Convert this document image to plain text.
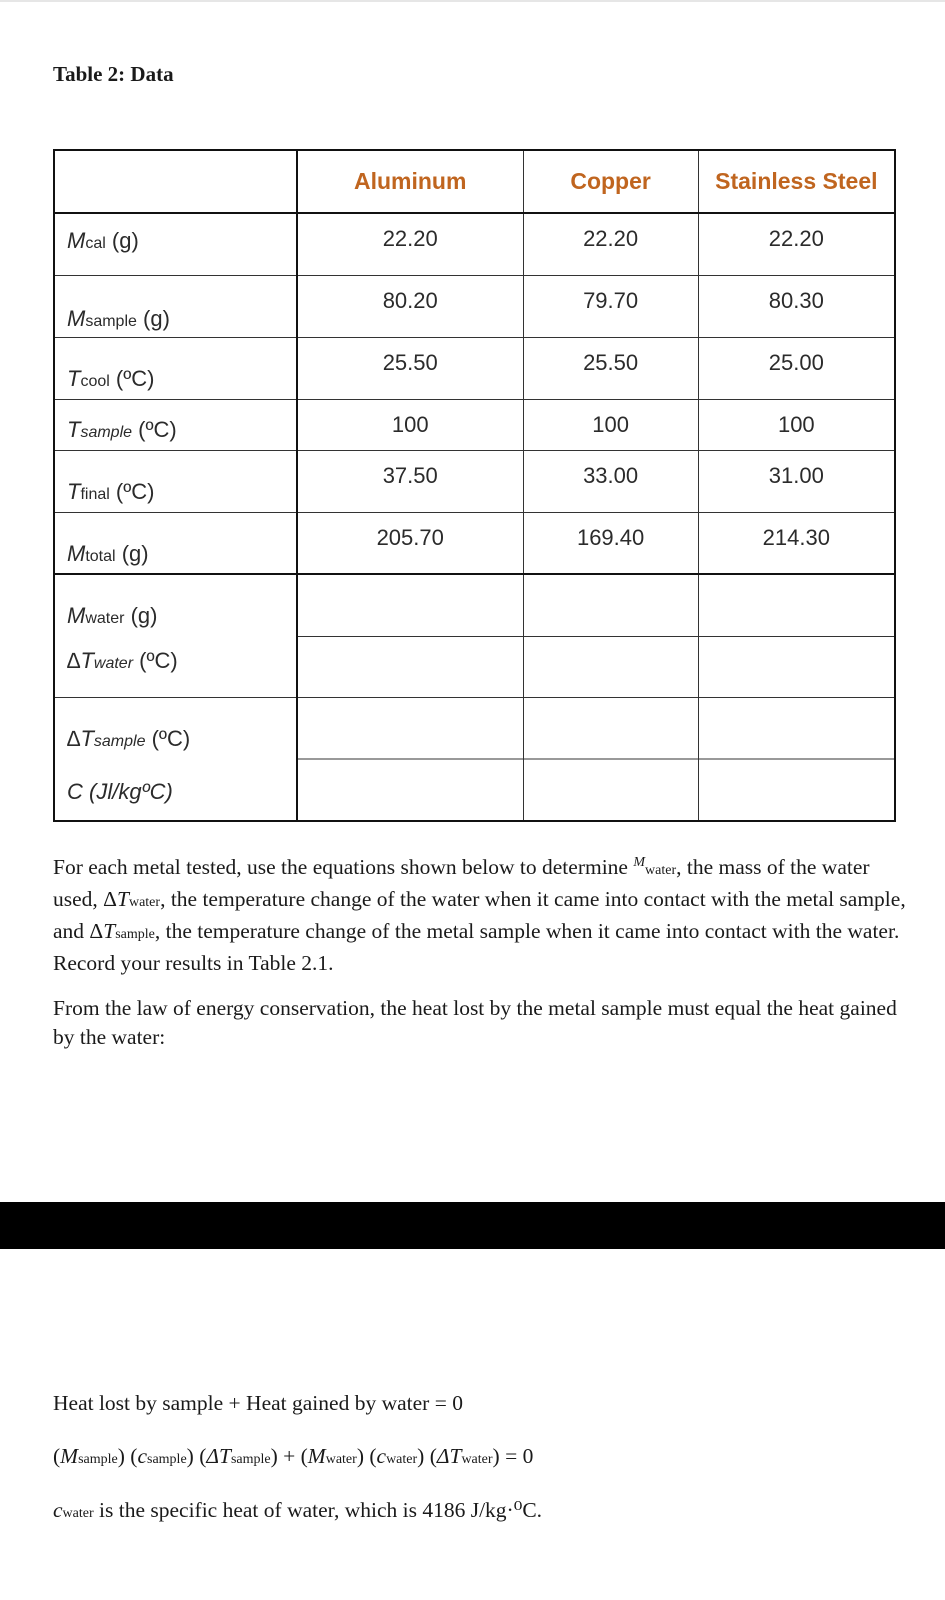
Table 2: Data
	Aluminum	Copper	Stainless Steel

Mcal (g)	22.20	22.20	22.20

Msample (g)	80.20	79.70	80.30

Tcool (ºC)	25.50	25.50	25.00

Tsample (ºC)	100	100	100

Tfinal (ºC)	37.50	33.00	31.00

Mtotal (g)	205.70	169.40	214.30

Mwater (g)
∆Twater (ºC)			

∆Tsample (ºC)
C (Jl/kgºC)			

For each metal tested, use the equations shown below to determine $^M$water, the mass of the water used, ΔTwater, the temperature change of the water when it came into contact with the metal sample, and ΔTsample, the temperature change of the metal sample when it came into contact with the water. Record your results in Table 2.1.
From the law of energy conservation, the heat lost by the metal sample must equal the heat gained by the water:
Heat lost by sample + Heat gained by water = 0
(Msample) (csample) (ΔTsample) + (Mwater) (cwater) (ΔTwater) = 0
cwater is the specific heat of water, which is 4186 J/kg·⁰C.
